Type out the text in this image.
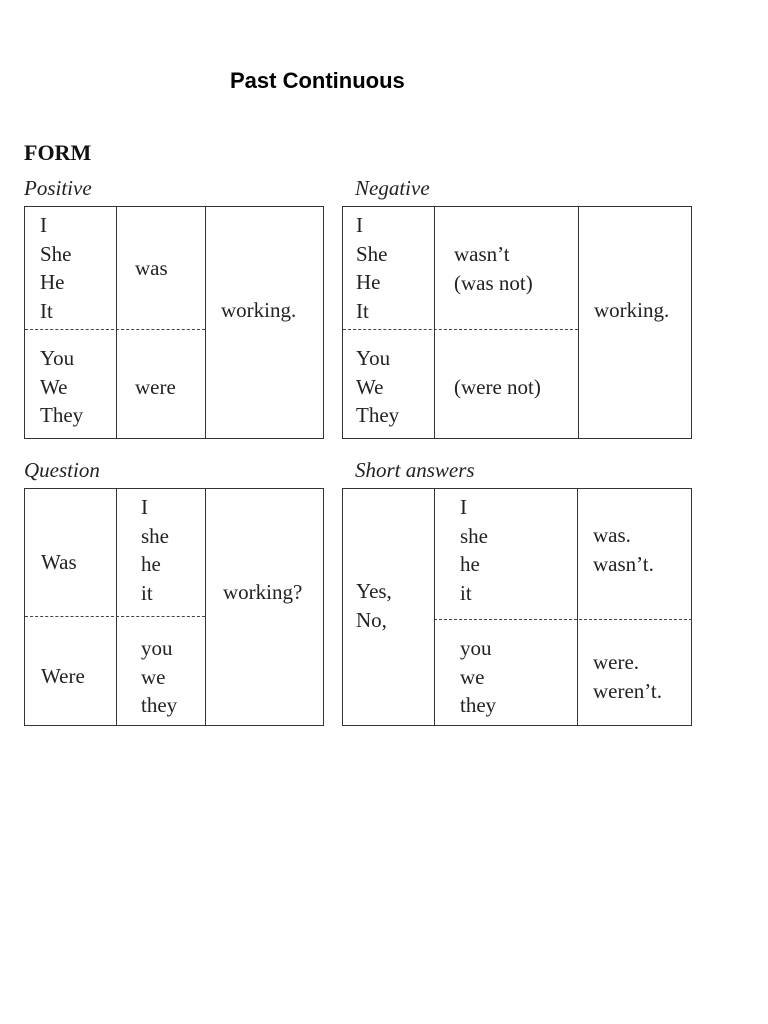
Past Continuous
FORM
Positive
I
She
He
It
was
You
We
They
were
working.
Negative
I
She
He
It
wasn’t
(was not)
You
We
They
(were not)
working.
Question
Was
I
she
he
it
Were
you
we
they
working?
Short answers
Yes,
No,
I
she
he
it
was.
wasn’t.
you
we
they
were.
weren’t.
